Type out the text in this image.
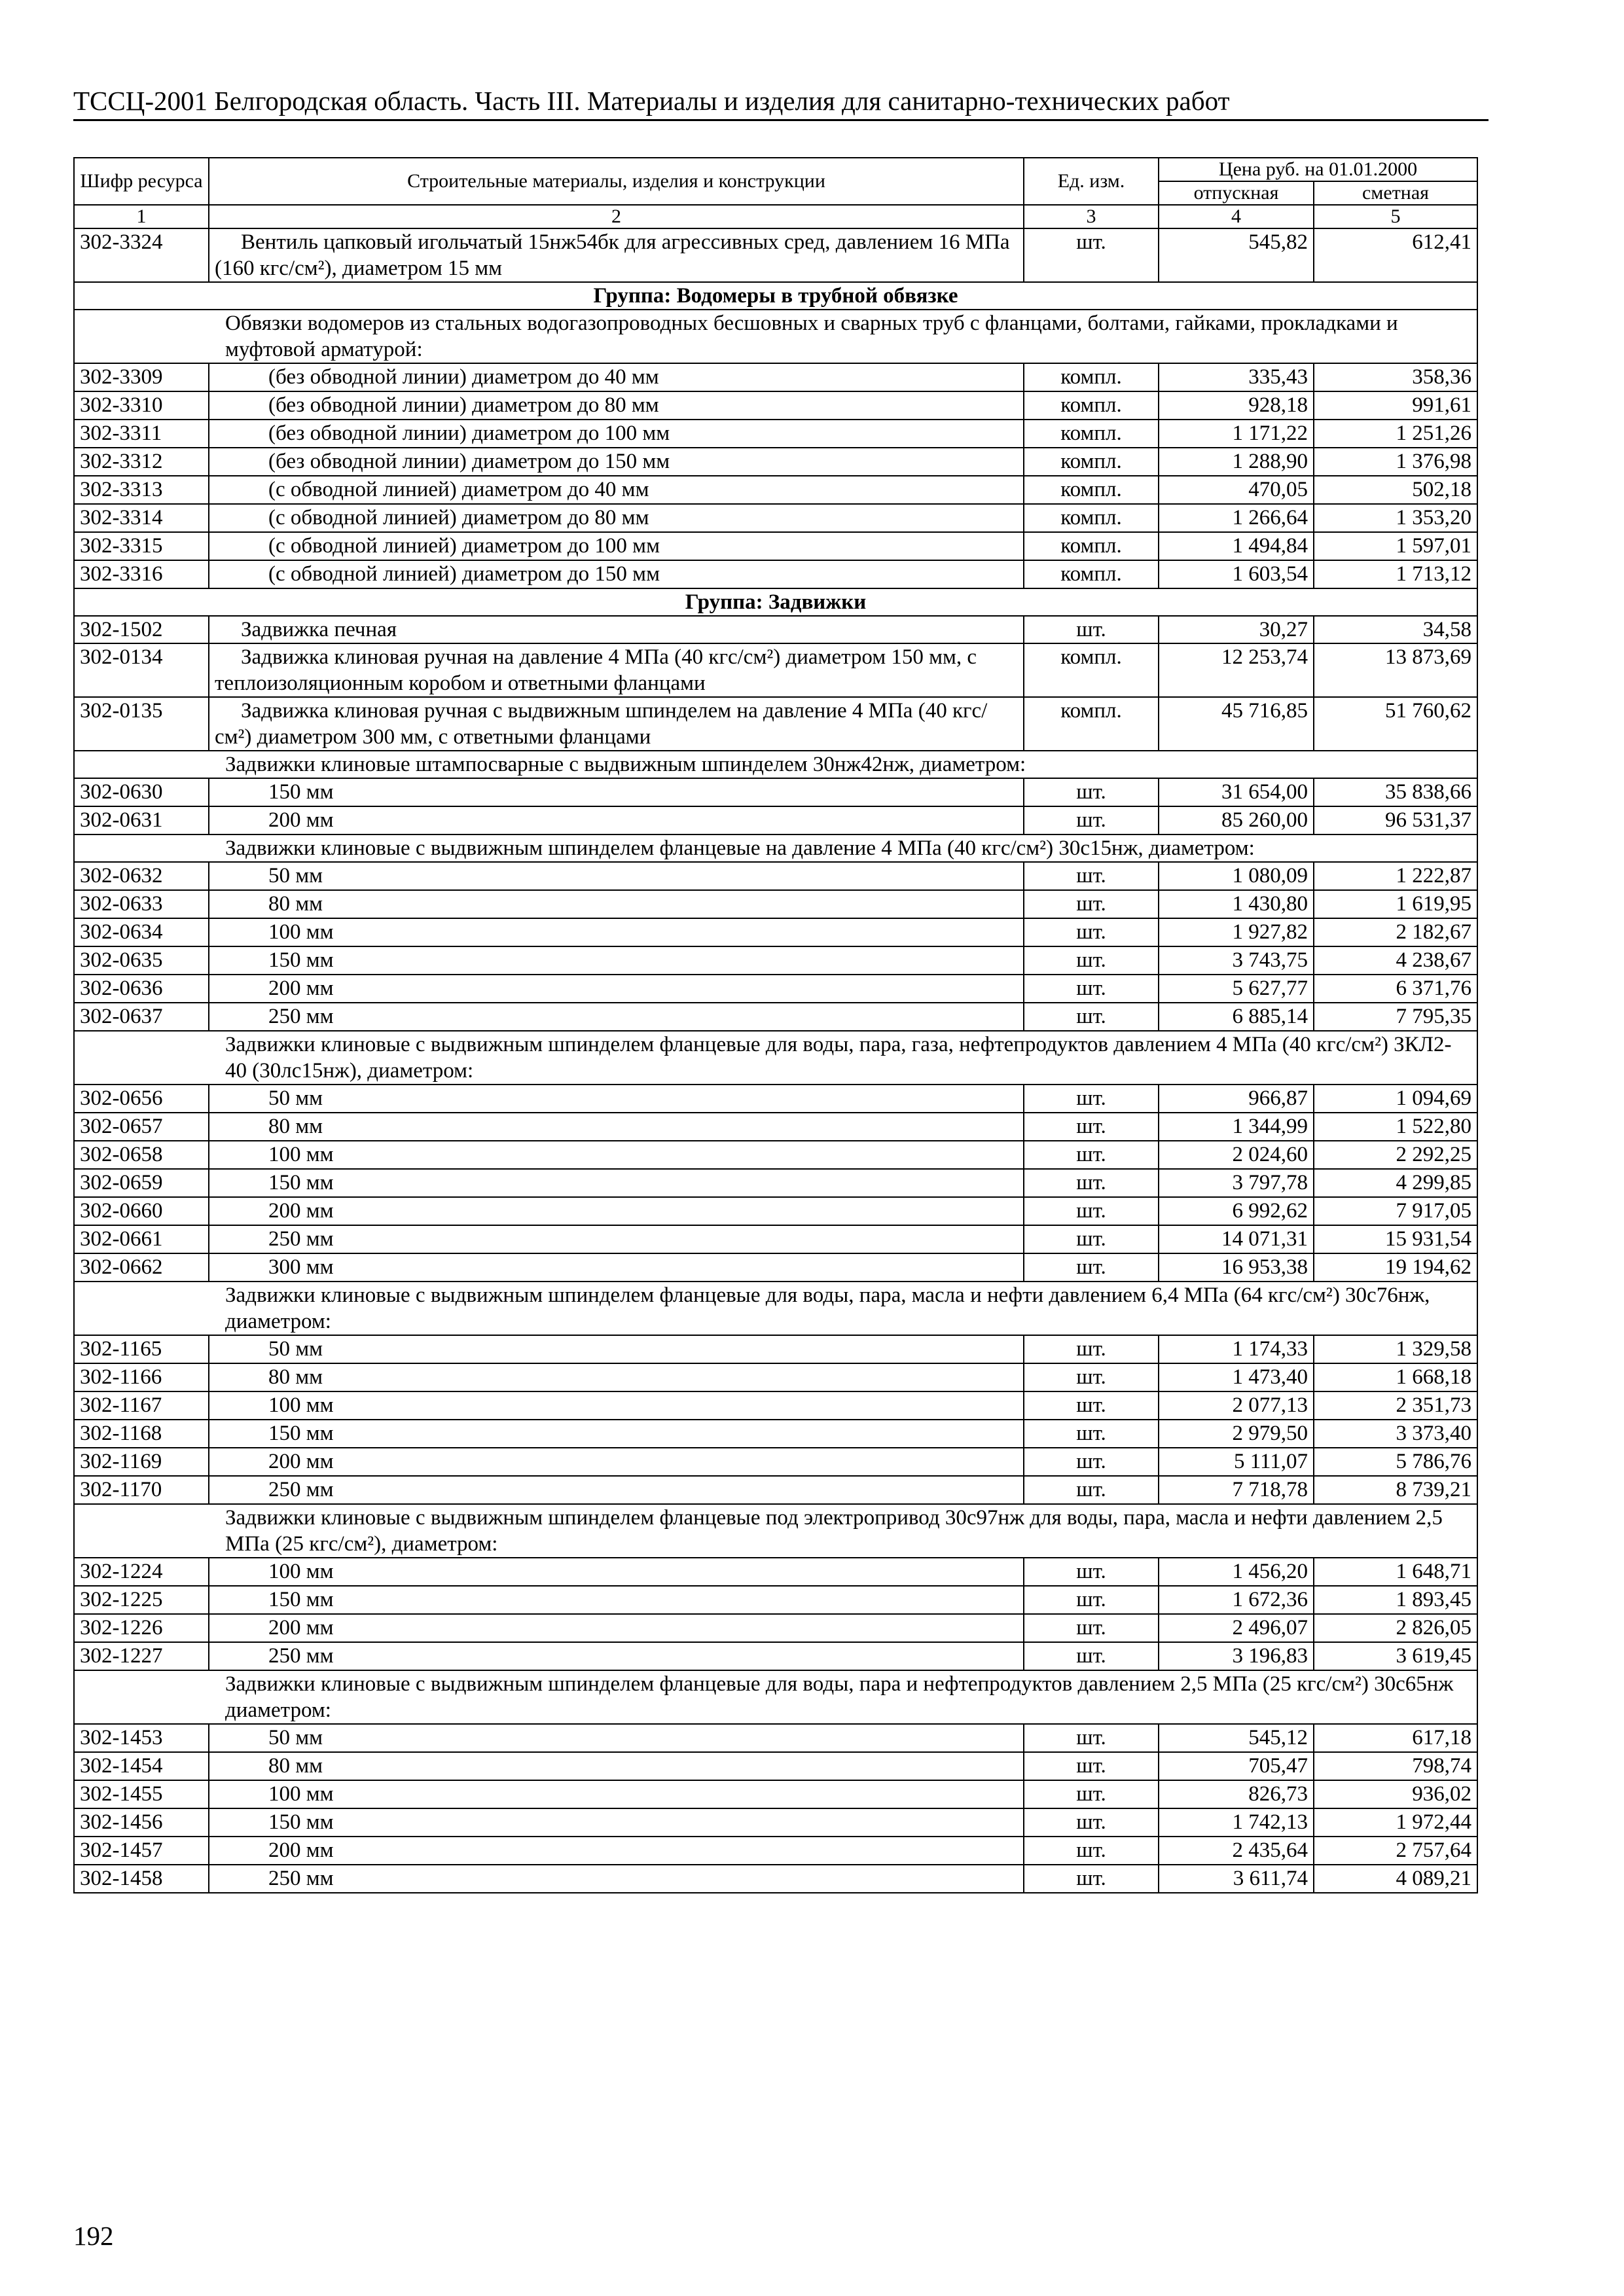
ТССЦ-2001 Белгородская область. Часть III. Материалы и изделия для санитарно-технических работ
Шифр ресурса	Строительные материалы, изделия и конструкции	Ед. изм.	Цена руб. на 01.01.2000	
			отпускная	сметная
1	2	3	4	5
302-3324	Вентиль цапковый игольчатый 15нж54бк для агрессивных сред, давлением 16 МПа (160 кгс/см²), диаметром 15 мм	шт.	545,82	612,41
Группа: Водомеры в трубной обвязке				
Обвязки водомеров из стальных водогазопроводных бесшовных и сварных труб с фланцами, болтами, гайками, прокладками и муфтовой арматурой:				
302-3309	(без обводной линии) диаметром до 40 мм	компл.	335,43	358,36
302-3310	(без обводной линии) диаметром до 80 мм	компл.	928,18	991,61
302-3311	(без обводной линии) диаметром до 100 мм	компл.	1 171,22	1 251,26
302-3312	(без обводной линии) диаметром до 150 мм	компл.	1 288,90	1 376,98
302-3313	(с обводной линией) диаметром до 40 мм	компл.	470,05	502,18
302-3314	(с обводной линией) диаметром до 80 мм	компл.	1 266,64	1 353,20
302-3315	(с обводной линией) диаметром до 100 мм	компл.	1 494,84	1 597,01
302-3316	(с обводной линией) диаметром до 150 мм	компл.	1 603,54	1 713,12
Группа: Задвижки				
302-1502	Задвижка печная	шт.	30,27	34,58
302-0134	Задвижка клиновая ручная на давление 4 МПа (40 кгс/см²) диаметром 150 мм, с теплоизоляционным коробом и ответными фланцами	компл.	12 253,74	13 873,69
302-0135	Задвижка клиновая ручная с выдвижным шпинделем на давление 4 МПа (40 кгс/см²) диаметром 300 мм, с ответными фланцами	компл.	45 716,85	51 760,62
Задвижки клиновые штампосварные с выдвижным шпинделем 30нж42нж, диаметром:				
302-0630	150 мм	шт.	31 654,00	35 838,66
302-0631	200 мм	шт.	85 260,00	96 531,37
Задвижки клиновые с выдвижным шпинделем фланцевые на давление 4 МПа (40 кгс/см²) 30с15нж, диаметром:				
302-0632	50 мм	шт.	1 080,09	1 222,87
302-0633	80 мм	шт.	1 430,80	1 619,95
302-0634	100 мм	шт.	1 927,82	2 182,67
302-0635	150 мм	шт.	3 743,75	4 238,67
302-0636	200 мм	шт.	5 627,77	6 371,76
302-0637	250 мм	шт.	6 885,14	7 795,35
Задвижки клиновые с выдвижным шпинделем фланцевые для воды, пара, газа, нефтепродуктов давлением 4 МПа (40 кгс/см²) ЗКЛ2-40 (30лс15нж), диаметром:				
302-0656	50 мм	шт.	966,87	1 094,69
302-0657	80 мм	шт.	1 344,99	1 522,80
302-0658	100 мм	шт.	2 024,60	2 292,25
302-0659	150 мм	шт.	3 797,78	4 299,85
302-0660	200 мм	шт.	6 992,62	7 917,05
302-0661	250 мм	шт.	14 071,31	15 931,54
302-0662	300 мм	шт.	16 953,38	19 194,62
Задвижки клиновые с выдвижным шпинделем фланцевые для воды, пара, масла и нефти давлением 6,4 МПа (64 кгс/см²) 30с76нж, диаметром:				
302-1165	50 мм	шт.	1 174,33	1 329,58
302-1166	80 мм	шт.	1 473,40	1 668,18
302-1167	100 мм	шт.	2 077,13	2 351,73
302-1168	150 мм	шт.	2 979,50	3 373,40
302-1169	200 мм	шт.	5 111,07	5 786,76
302-1170	250 мм	шт.	7 718,78	8 739,21
Задвижки клиновые с выдвижным шпинделем фланцевые под электропривод 30с97нж для воды, пара, масла и нефти давлением 2,5 МПа (25 кгс/см²), диаметром:				
302-1224	100 мм	шт.	1 456,20	1 648,71
302-1225	150 мм	шт.	1 672,36	1 893,45
302-1226	200 мм	шт.	2 496,07	2 826,05
302-1227	250 мм	шт.	3 196,83	3 619,45
Задвижки клиновые с выдвижным шпинделем фланцевые для воды, пара и нефтепродуктов давлением 2,5 МПа (25 кгс/см²) 30с65нж диаметром:				
302-1453	50 мм	шт.	545,12	617,18
302-1454	80 мм	шт.	705,47	798,74
302-1455	100 мм	шт.	826,73	936,02
302-1456	150 мм	шт.	1 742,13	1 972,44
302-1457	200 мм	шт.	2 435,64	2 757,64
302-1458	250 мм	шт.	3 611,74	4 089,21
192
